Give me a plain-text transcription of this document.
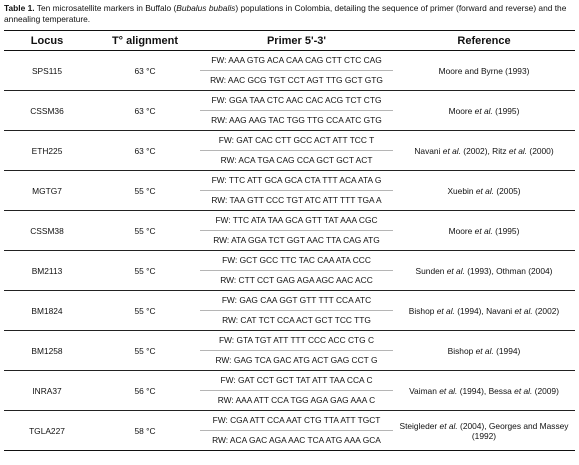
Table 1. Ten microsatellite markers in Buffalo (Bubalus bubalis) populations in Colombia, detailing the sequence of primer (forward and reverse) and the annealing temperature.

Locus	T° alignment	Primer 5'-3'	Reference
SPS115	63 °C	FW: AAA GTG ACA CAA CAG CTT CTC CAG
RW: AAC GCG TGT CCT AGT TTG GCT GTG	Moore and Byrne (1993)
CSSM36	63 °C	FW: GGA TAA CTC AAC CAC ACG TCT CTG
RW: AAG AAG TAC TGG TTG CCA ATC GTG	Moore et al. (1995)
ETH225	63 °C	FW: GAT CAC CTT GCC ACT ATT TCC T
RW: ACA TGA CAG CCA GCT GCT ACT	Navani et al. (2002), Ritz et al. (2000)
MGTG7	55 °C	FW: TTC ATT GCA GCA CTA TTT ACA ATA G
RW: TAA GTT CCC TGT ATC ATT TTT TGA A	Xuebin et al. (2005)
CSSM38	55 °C	FW: TTC ATA TAA GCA GTT TAT AAA CGC
RW: ATA GGA TCT GGT AAC TTA CAG ATG	Moore et al. (1995)
BM2113	55 °C	FW: GCT GCC TTC TAC CAA ATA CCC
RW: CTT CCT GAG AGA AGC AAC ACC	Sunden et al. (1993), Othman (2004)
BM1824	55 °C	FW: GAG CAA GGT GTT TTT CCA ATC
RW: CAT TCT CCA ACT GCT TCC TTG	Bishop et al. (1994), Navani et al. (2002)
BM1258	55 °C	FW: GTA TGT ATT TTT CCC ACC CTG C
RW: GAG TCA GAC ATG ACT GAG CCT G	Bishop et al. (1994)
INRA37	56 °C	FW: GAT CCT GCT TAT ATT TAA CCA C
RW: AAA ATT CCA TGG AGA GAG AAA C	Vaiman et al. (1994), Bessa et al. (2009)
TGLA227	58 °C	FW: CGA ATT CCA AAT CTG TTA ATT TGCT
RW: ACA GAC AGA AAC TCA ATG AAA GCA	Steigleder et al. (2004), Georges and Massey (1992)
